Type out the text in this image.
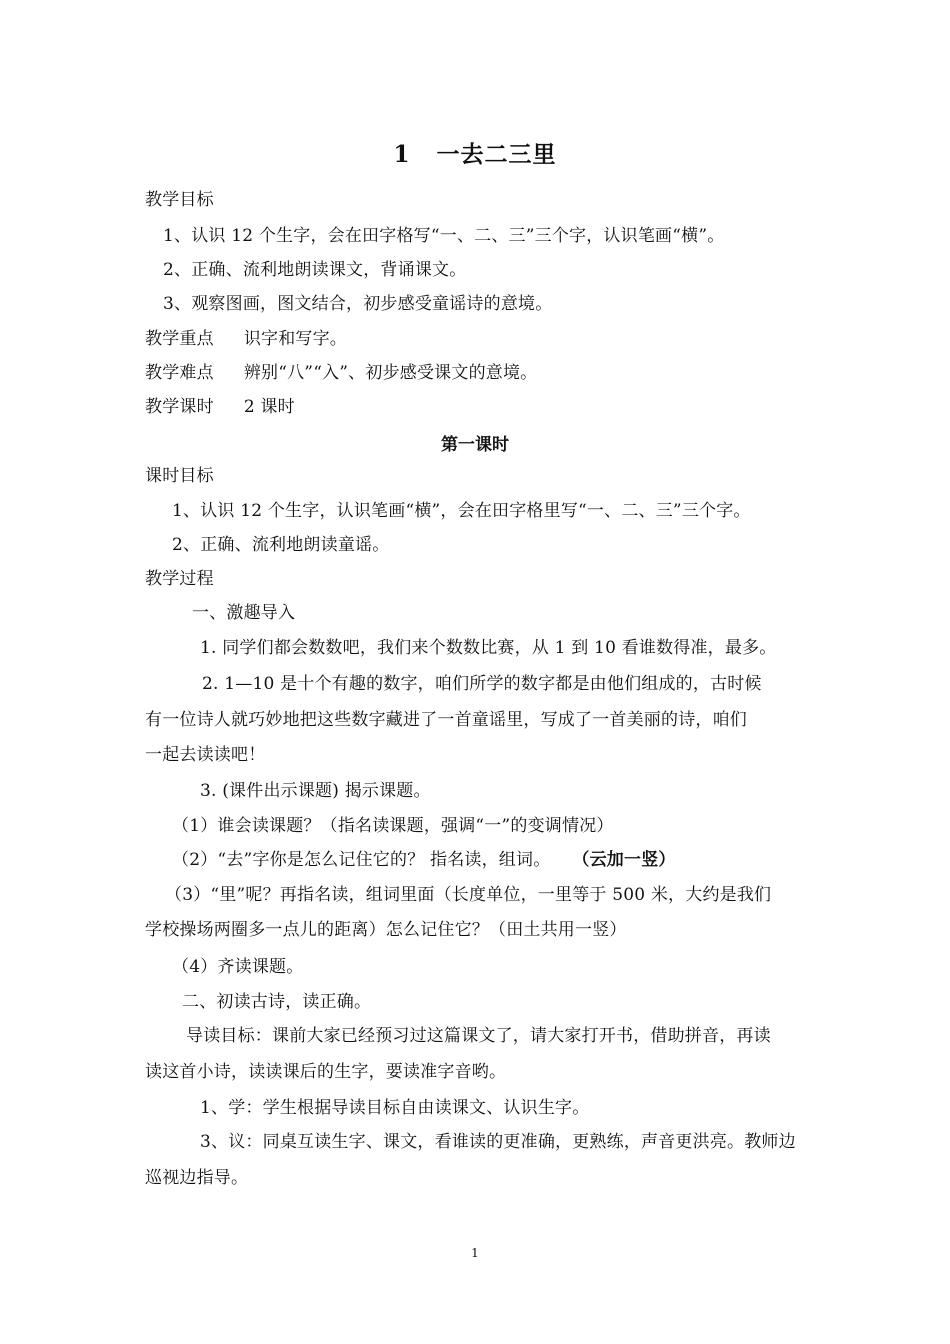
1 一去二三里
教学目标
1、认识 12 个生字，会在田字格写“一、二、三”三个字，认识笔画“横”。
2、正确、流利地朗读课文，背诵课文。
3、观察图画，图文结合，初步感受童谣诗的意境。
教学重点 识字和写字。
教学难点 辨别“八”“入”、初步感受课文的意境。
教学课时 2 课时
第一课时
课时目标
1、认识 12 个生字，认识笔画“横”，会在田字格里写“一、二、三”三个字。
2、正确、流利地朗读童谣。
教学过程
一、激趣导入
1. 同学们都会数数吧，我们来个数数比赛，从 1 到 10 看谁数得准，最多。
2. 1—10 是十个有趣的数字，咱们所学的数字都是由他们组成的，古时候
有一位诗人就巧妙地把这些数字藏进了一首童谣里，写成了一首美丽的诗，咱们
一起去读读吧！
3. (课件出示课题) 揭示课题。
（1）谁会读课题？（指名读课题，强调“一”的变调情况）
（2）“去”字你是怎么记住它的？ 指名读，组词。 （云加一竖）
（3）“里”呢？再指名读，组词里面（长度单位，一里等于 500 米，大约是我们
学校操场两圈多一点儿的距离）怎么记住它？（田土共用一竖）
（4）齐读课题。
二、初读古诗，读正确。
导读目标：课前大家已经预习过这篇课文了，请大家打开书，借助拼音，再读
读这首小诗，读读课后的生字，要读准字音哟。
1、学：学生根据导读目标自由读课文、认识生字。
3、议：同桌互读生字、课文，看谁读的更准确，更熟练，声音更洪亮。教师边
巡视边指导。
1
